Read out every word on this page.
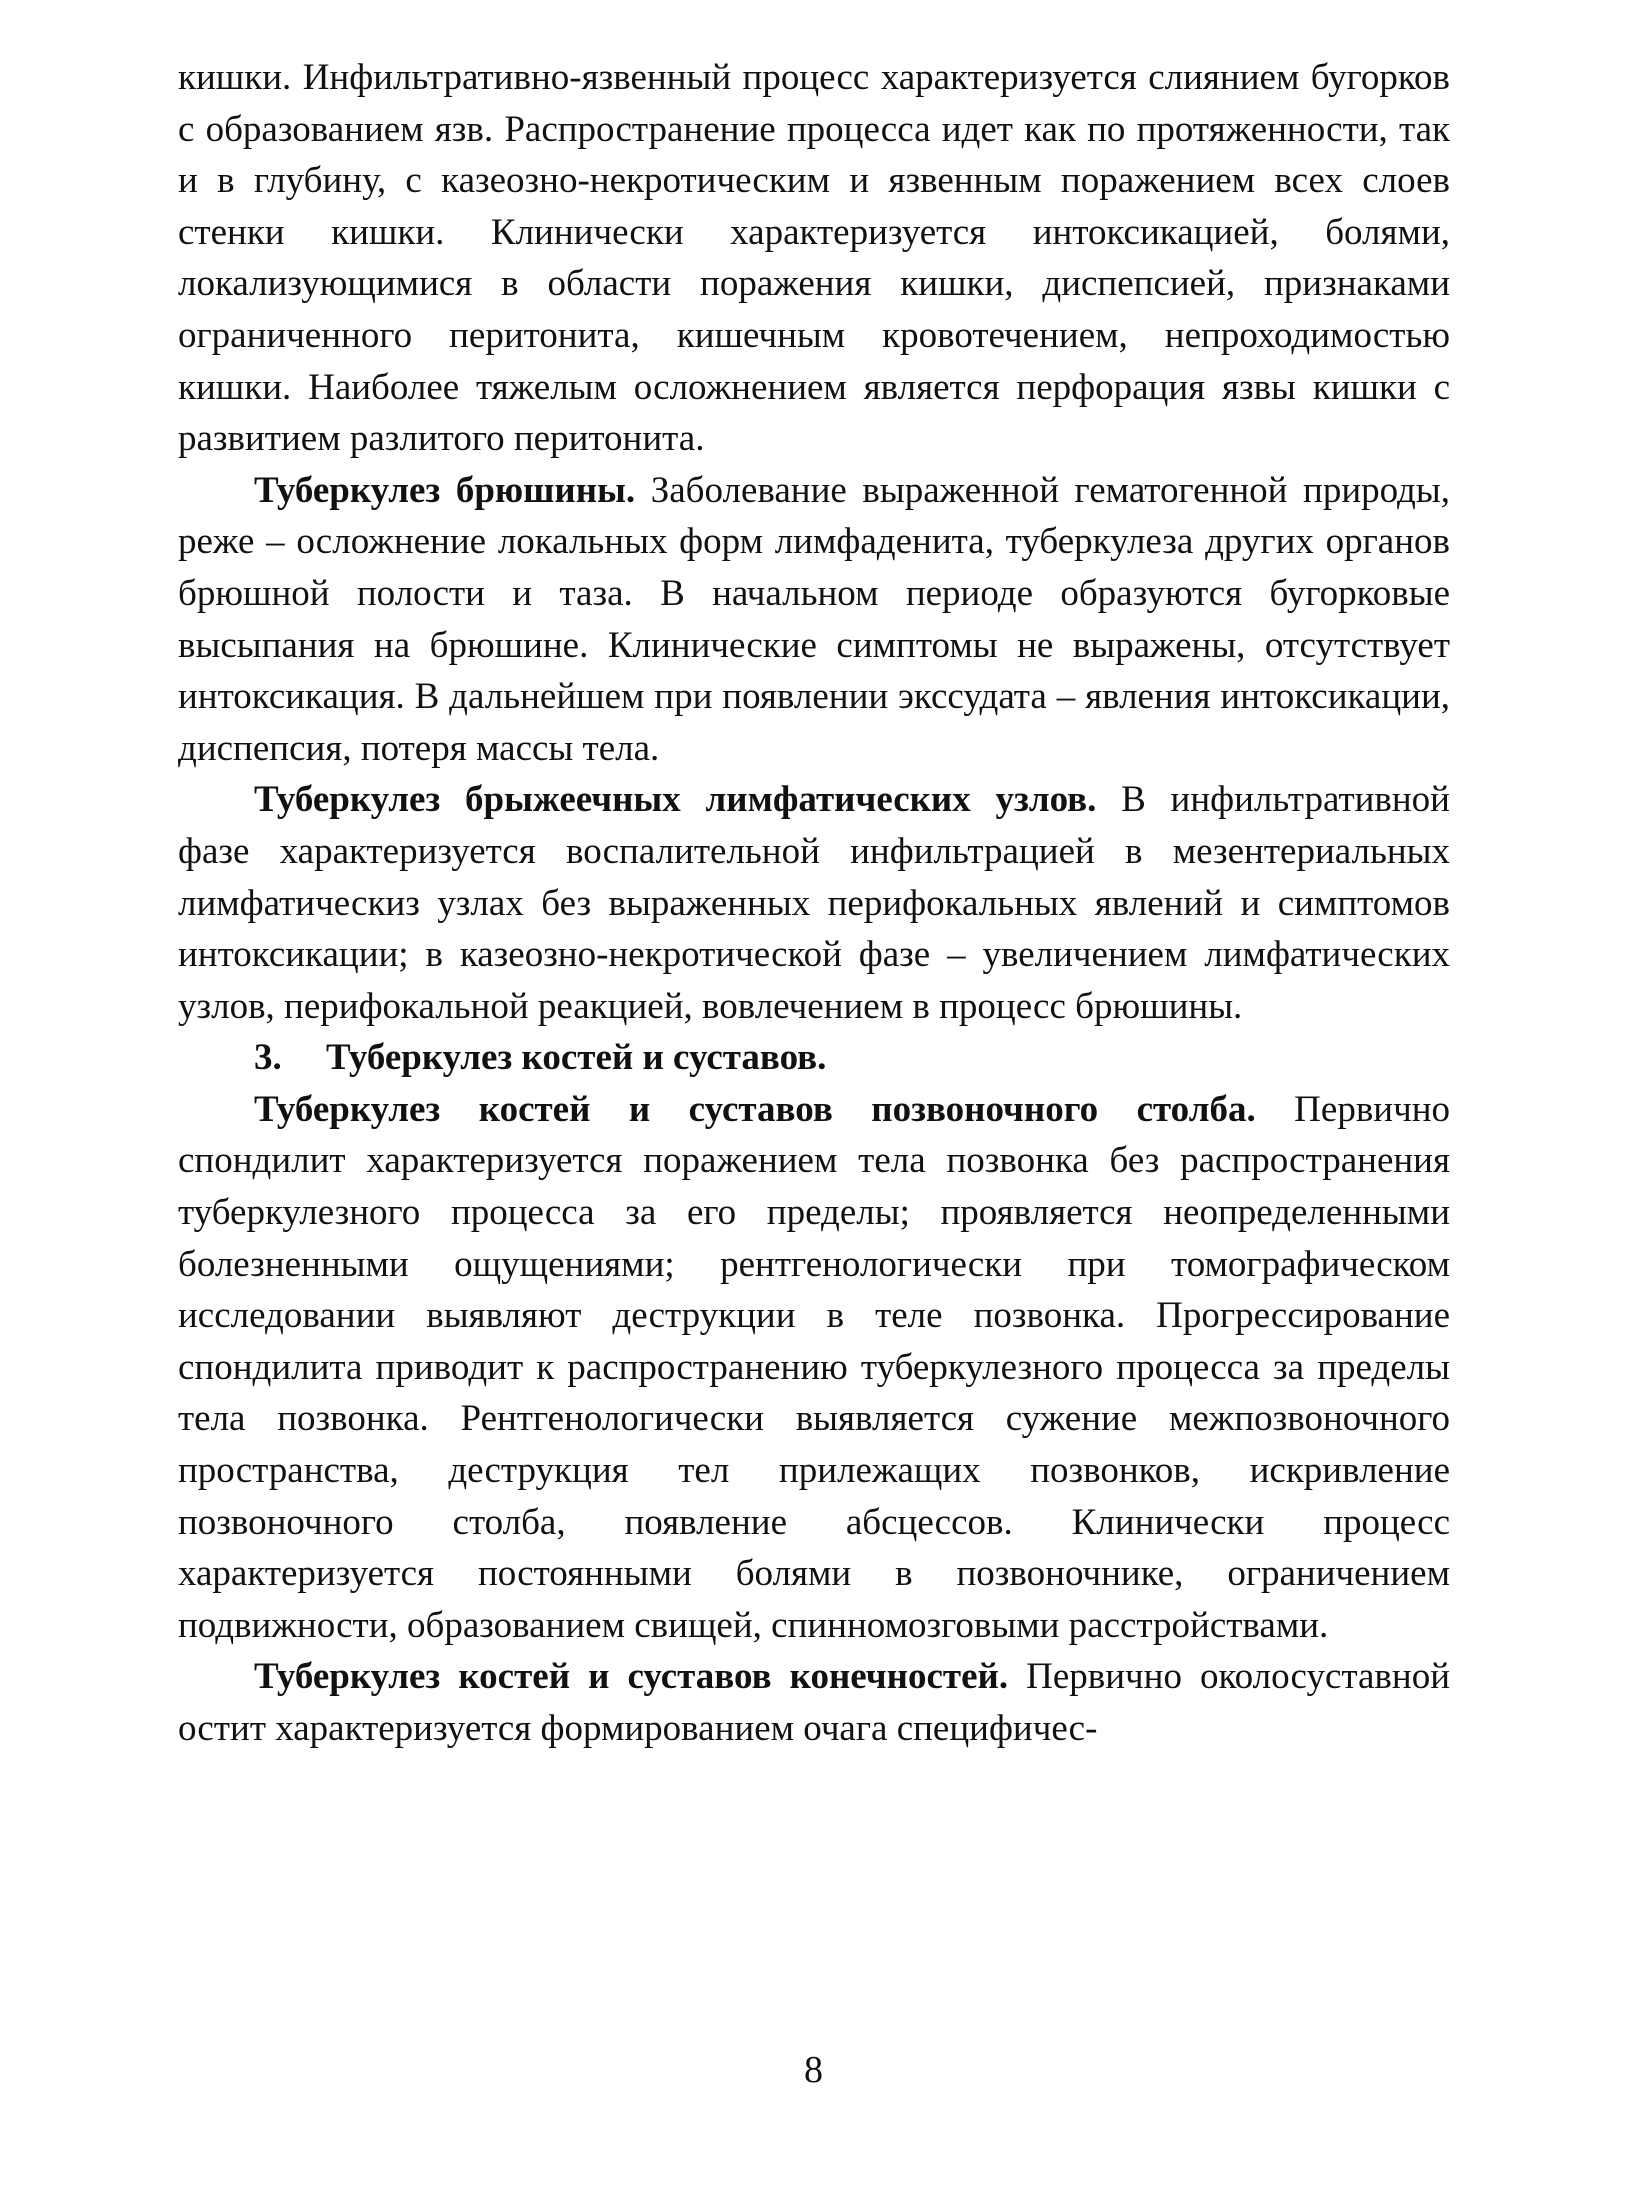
кишки. Инфильтративно-язвенный процесс характеризуется слиянием бугорков с образованием язв. Распространение процесса идет как по протяженности, так и в глубину, с казеозно-некротическим и язвенным поражением всех слоев стенки кишки. Клинически характеризуется интоксикацией, болями, локализующимися в области поражения кишки, диспепсией, признаками ограниченного перитонита, кишечным кровотечением, непроходимостью кишки. Наиболее тяжелым осложнением является перфорация язвы кишки с развитием разлитого перитонита.

Туберкулез брюшины. Заболевание выраженной гематогенной природы, реже – осложнение локальных форм лимфаденита, туберкулеза других органов брюшной полости и таза. В начальном периоде образуются бугорковые высыпания на брюшине. Клинические симптомы не выражены, отсутствует интоксикация. В дальнейшем при появлении экссудата – явления интоксикации, диспепсия, потеря массы тела.

Туберкулез брыжеечных лимфатических узлов. В инфильтративной фазе характеризуется воспалительной инфильтрацией в мезентериальных лимфатическиз узлах без выраженных перифокальных явлений и симптомов интоксикации; в казеозно-некротической фазе – увеличением лимфатических узлов, перифокальной реакцией, вовлечением в процесс брюшины.

3. Туберкулез костей и суставов.

Туберкулез костей и суставов позвоночного столба. Первично спондилит характеризуется поражением тела позвонка без распространения туберкулезного процесса за его пределы; проявляется неопределенными болезненными ощущениями; рентгенологически при томографическом исследовании выявляют деструкции в теле позвонка. Прогрессирование спондилита приводит к распространению туберкулезного процесса за пределы тела позвонка. Рентгенологически выявляется сужение межпозвоночного пространства, деструкция тел прилежащих позвонков, искривление позвоночного столба, появление абсцессов. Клинически процесс характеризуется постоянными болями в позвоночнике, ограничением подвижности, образованием свищей, спинномозговыми расстройствами.

Туберкулез костей и суставов конечностей. Первично околосуставной остит характеризуется формированием очага специфичес-

8
